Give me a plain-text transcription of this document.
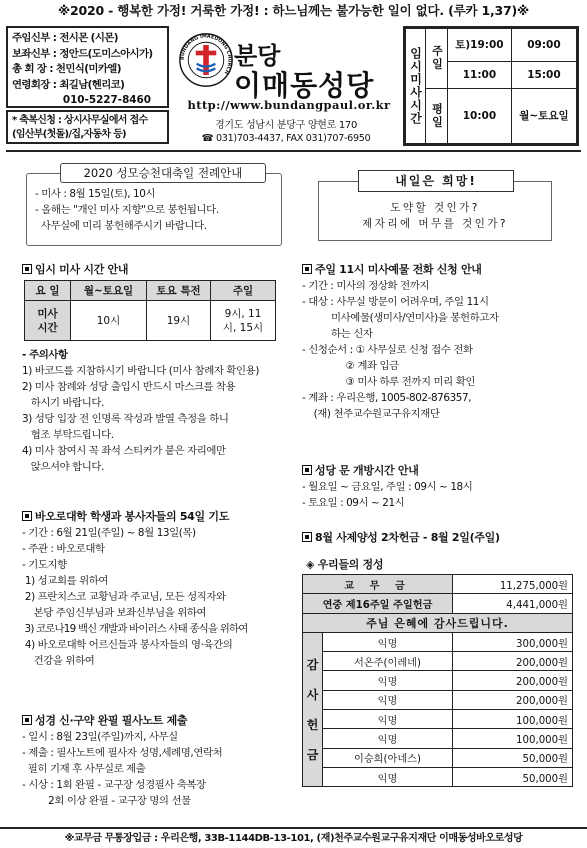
※2020 - 행복한 가정! 거룩한 가정! : 하느님께는 불가능한 일이 없다. (루카 1,37)※
주임신부 : 전시몬 (시몬)
보좌신부 : 정안드(도미스아시가)
총 회 장 : 천민식(미카엘)
연령회장 : 최길남(헨리코)
010-5227-8460
* 축복신청 : 상시사무실에서 접수
(임산부(첫돌)/집,자동차 등)
BUNDANG IMAEDONG CHURCH
분당
이매동성당
http://www.bundangpaul.or.kr
경기도 성남시 분당구 양현로 170
☎ 031)703-4437, FAX 031)707-6950
임시미사시간	주일	토)19:00	09:00
		11:00	15:00
	평일	10:00	월~토요일
2020 성모승천대축일 전례안내
- 미사 : 8월 15일(토), 10시
- 올해는 "개인 미사 지향"으로 봉헌됩니다.
사무실에 미리 봉헌해주시기 바랍니다.
내일은 희망!
도약할 것인가?
제자리에 머무를 것인가?
임시 미사 시간 안내
요 일	월~토요일	토요 특전	주일
미사 시간	10시	19시	9시, 11시, 15시
- 주의사항
1) 바코드를 지참하시기 바랍니다 (미사 참례자 확인용)
2) 미사 참례와 성당 출입시 반드시 마스크를 착용
하시기 바랍니다.
3) 성당 입장 전 인명록 작성과 발열 측정을 하니
협조 부탁드립니다.
4) 미사 참여시 꼭 좌석 스티커가 붙은 자리에만
앉으셔야 합니다.
바오로대학 학생과 봉사자들의 54일 기도
- 기간 : 6월 21일(주일) ~ 8월 13일(목)
- 주관 : 바오로대학
- 기도지향
1) 성교회를 위하여
2) 프란치스코 교황님과 주교님, 모든 성직자와
본당 주임신부님과 보좌신부님을 위하여
3) 코로나19 백신 개발과 바이러스 사태 종식을 위하여
4) 바오로대학 어르신들과 봉사자들의 영·육간의
건강을 위하여
성경 신·구약 완필 필사노트 제출
- 일시 : 8월 23일(주일)까지, 사무실
- 제출 : 필사노트에 필사자 성명,세례명,연락처
필히 기재 후 사무실로 제출
- 시상 : 1회 완필 - 교구장 성경필사 축복장
2회 이상 완필 - 교구장 명의 선물
주일 11시 미사예물 전화 신청 안내
- 기간 : 미사의 정상화 전까지
- 대상 : 사무실 방문이 어려우며, 주일 11시
미사예물(생미사/연미사)을 봉헌하고자
하는 신자
- 신청순서 : ① 사무실로 신청 접수 전화
② 계좌 입금
③ 미사 하루 전까지 미리 확인
- 계좌 : 우리은행, 1005-802-876357,
(재) 천주교수원교구유지재단
성당 문 개방시간 안내
- 월요일 ~ 금요일, 주일 : 09시 ~ 18시
- 토요일 : 09시 ~ 21시
8월 사제양성 2차헌금 - 8월 2일(주일)
◈ 우리들의 정성
교 무 금		11,275,000원
연중 제16주일 주일헌금		4,441,000원
주님 은혜에 감사드립니다.		

감
사
헌
금	익명	300,000원
	서온주(이레네)	200,000원
	익명	200,000원
	익명	200,000원
	익명	100,000원
	익명	100,000원
	이승희(아네스)	50,000원
	익명	50,000원
※교무금 무통장입금 : 우리은행, 33B-1144DB-13-101, (재)천주교수원교구유지재단 이매동성바오로성당
